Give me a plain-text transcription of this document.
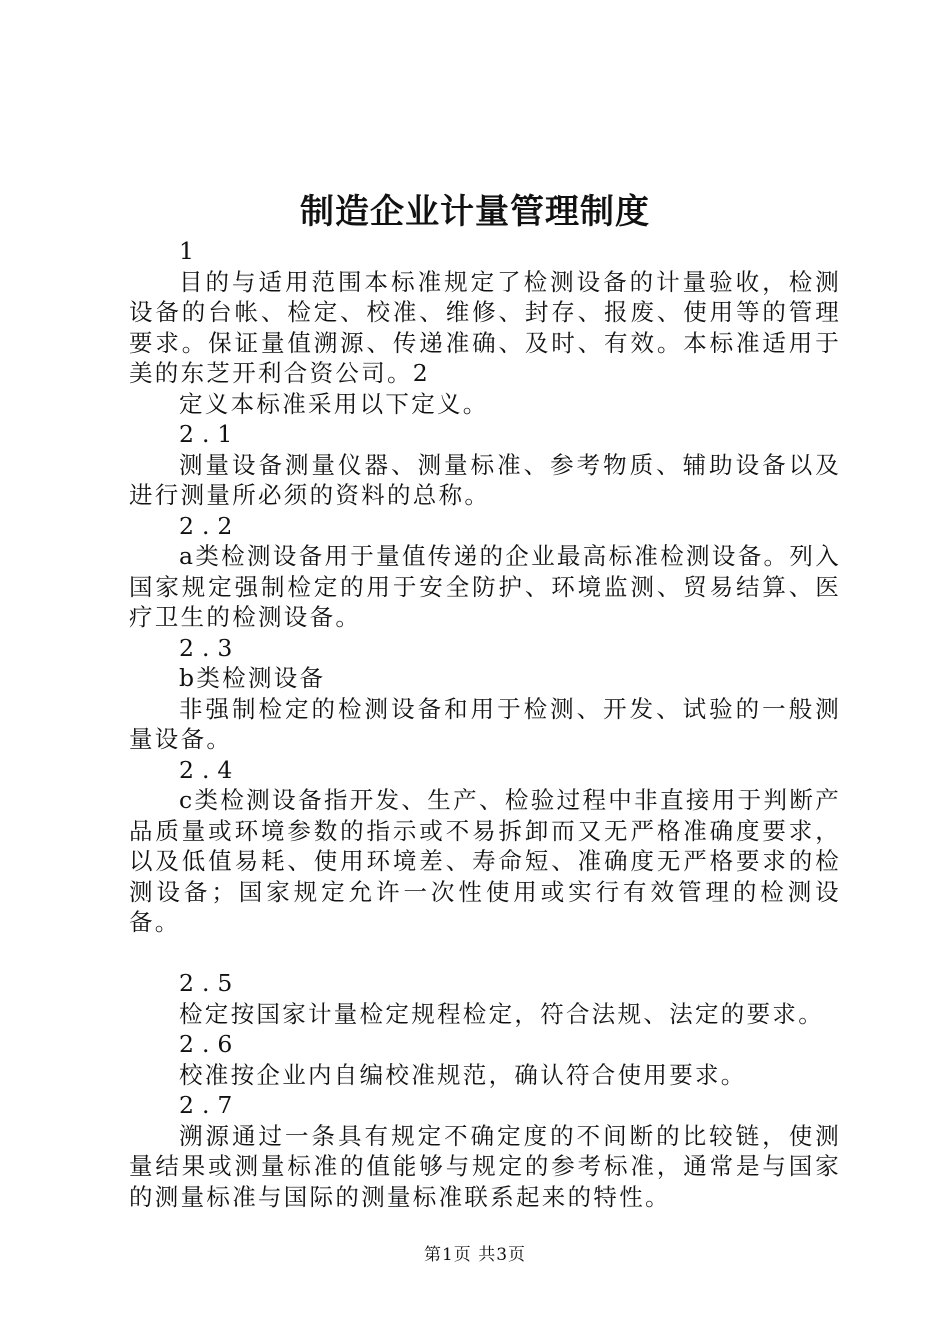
制造企业计量管理制度

1

目的与适用范围本标准规定了检测设备的计量验收，检测设备的台帐、检定、校准、维修、封存、报废、使用等的管理要求。保证量值溯源、传递准确、及时、有效。本标准适用于美的东芝开利合资公司。2

定义本标准采用以下定义。

2.1

测量设备测量仪器、测量标准、参考物质、辅助设备以及进行测量所必须的资料的总称。

2.2

a类检测设备用于量值传递的企业最高标准检测设备。列入国家规定强制检定的用于安全防护、环境监测、贸易结算、医疗卫生的检测设备。

2.3

b类检测设备

非强制检定的检测设备和用于检测、开发、试验的一般测量设备。

2.4

c类检测设备指开发、生产、检验过程中非直接用于判断产品质量或环境参数的指示或不易拆卸而又无严格准确度要求，以及低值易耗、使用环境差、寿命短、准确度无严格要求的检测设备；国家规定允许一次性使用或实行有效管理的检测设备。

2.5

检定按国家计量检定规程检定，符合法规、法定的要求。

2.6

校准按企业内自编校准规范，确认符合使用要求。

2.7

溯源通过一条具有规定不确定度的不间断的比较链，使测量结果或测量标准的值能够与规定的参考标准，通常是与国家的测量标准与国际的测量标准联系起来的特性。

第1页 共3页
